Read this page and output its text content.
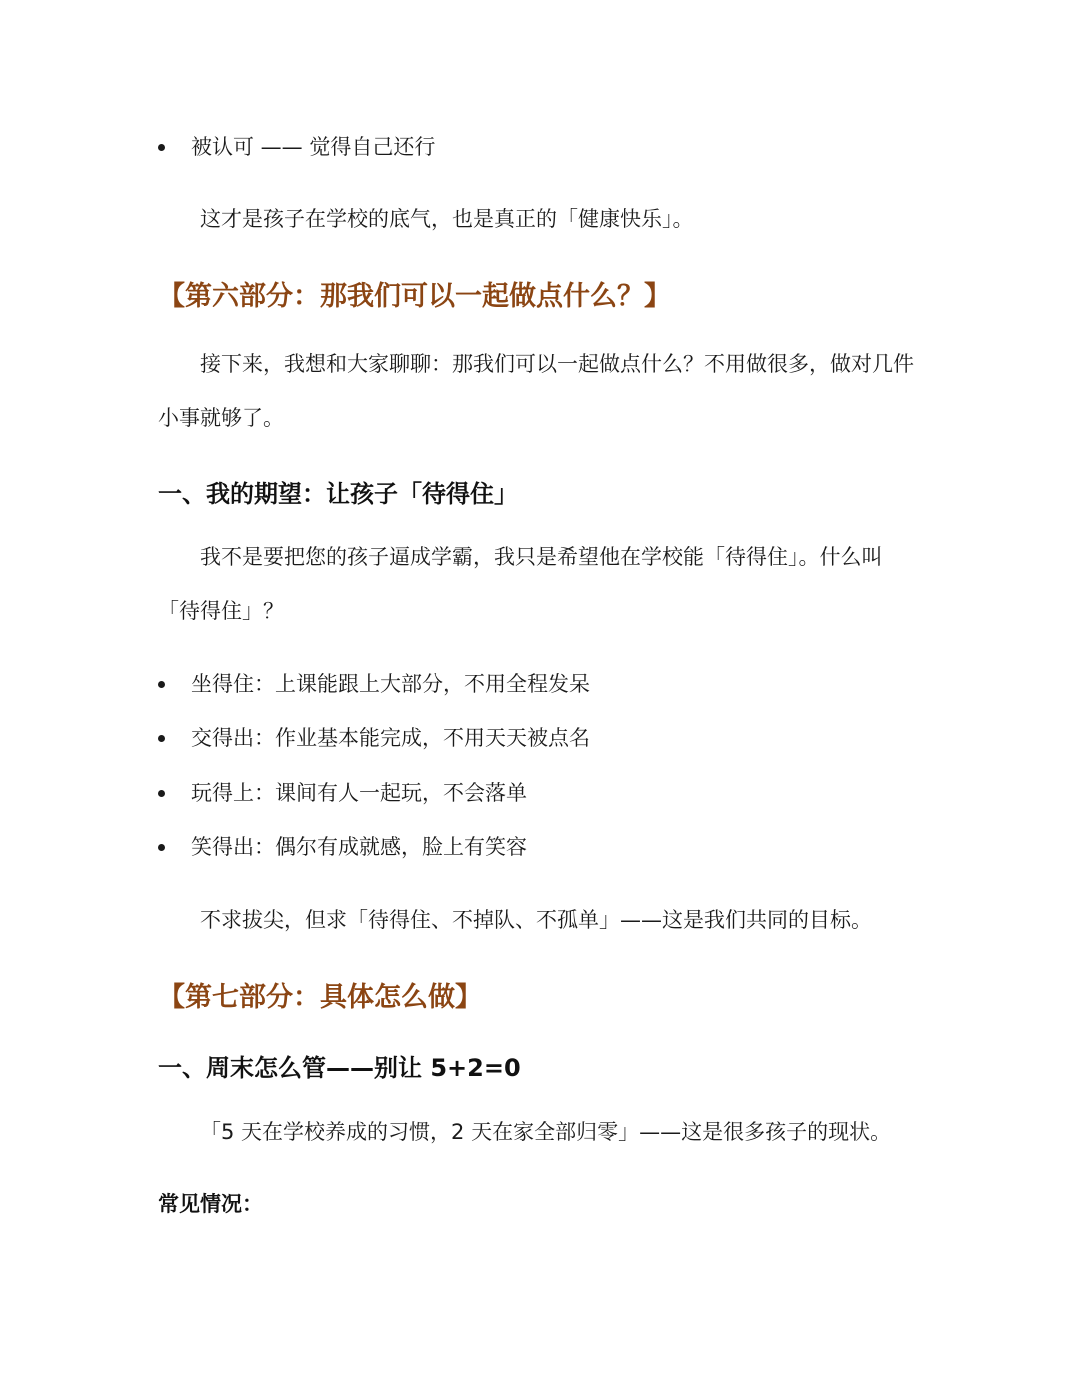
被认可 —— 觉得自己还行

这才是孩子在学校的底气，也是真正的「健康快乐」。

【第六部分：那我们可以一起做点什么？】

接下来，我想和大家聊聊：那我们可以一起做点什么？不用做很多，做对几件

小事就够了。

一、我的期望：让孩子「待得住」

我不是要把您的孩子逼成学霸，我只是希望他在学校能「待得住」。什么叫

「待得住」？

坐得住：上课能跟上大部分，不用全程发呆
交得出：作业基本能完成，不用天天被点名
玩得上：课间有人一起玩，不会落单
笑得出：偶尔有成就感，脸上有笑容

不求拔尖，但求「待得住、不掉队、不孤单」——这是我们共同的目标。

【第七部分：具体怎么做】
一、周末怎么管——别让 5+2=0

「5 天在学校养成的习惯，2 天在家全部归零」——这是很多孩子的现状。

常见情况：
